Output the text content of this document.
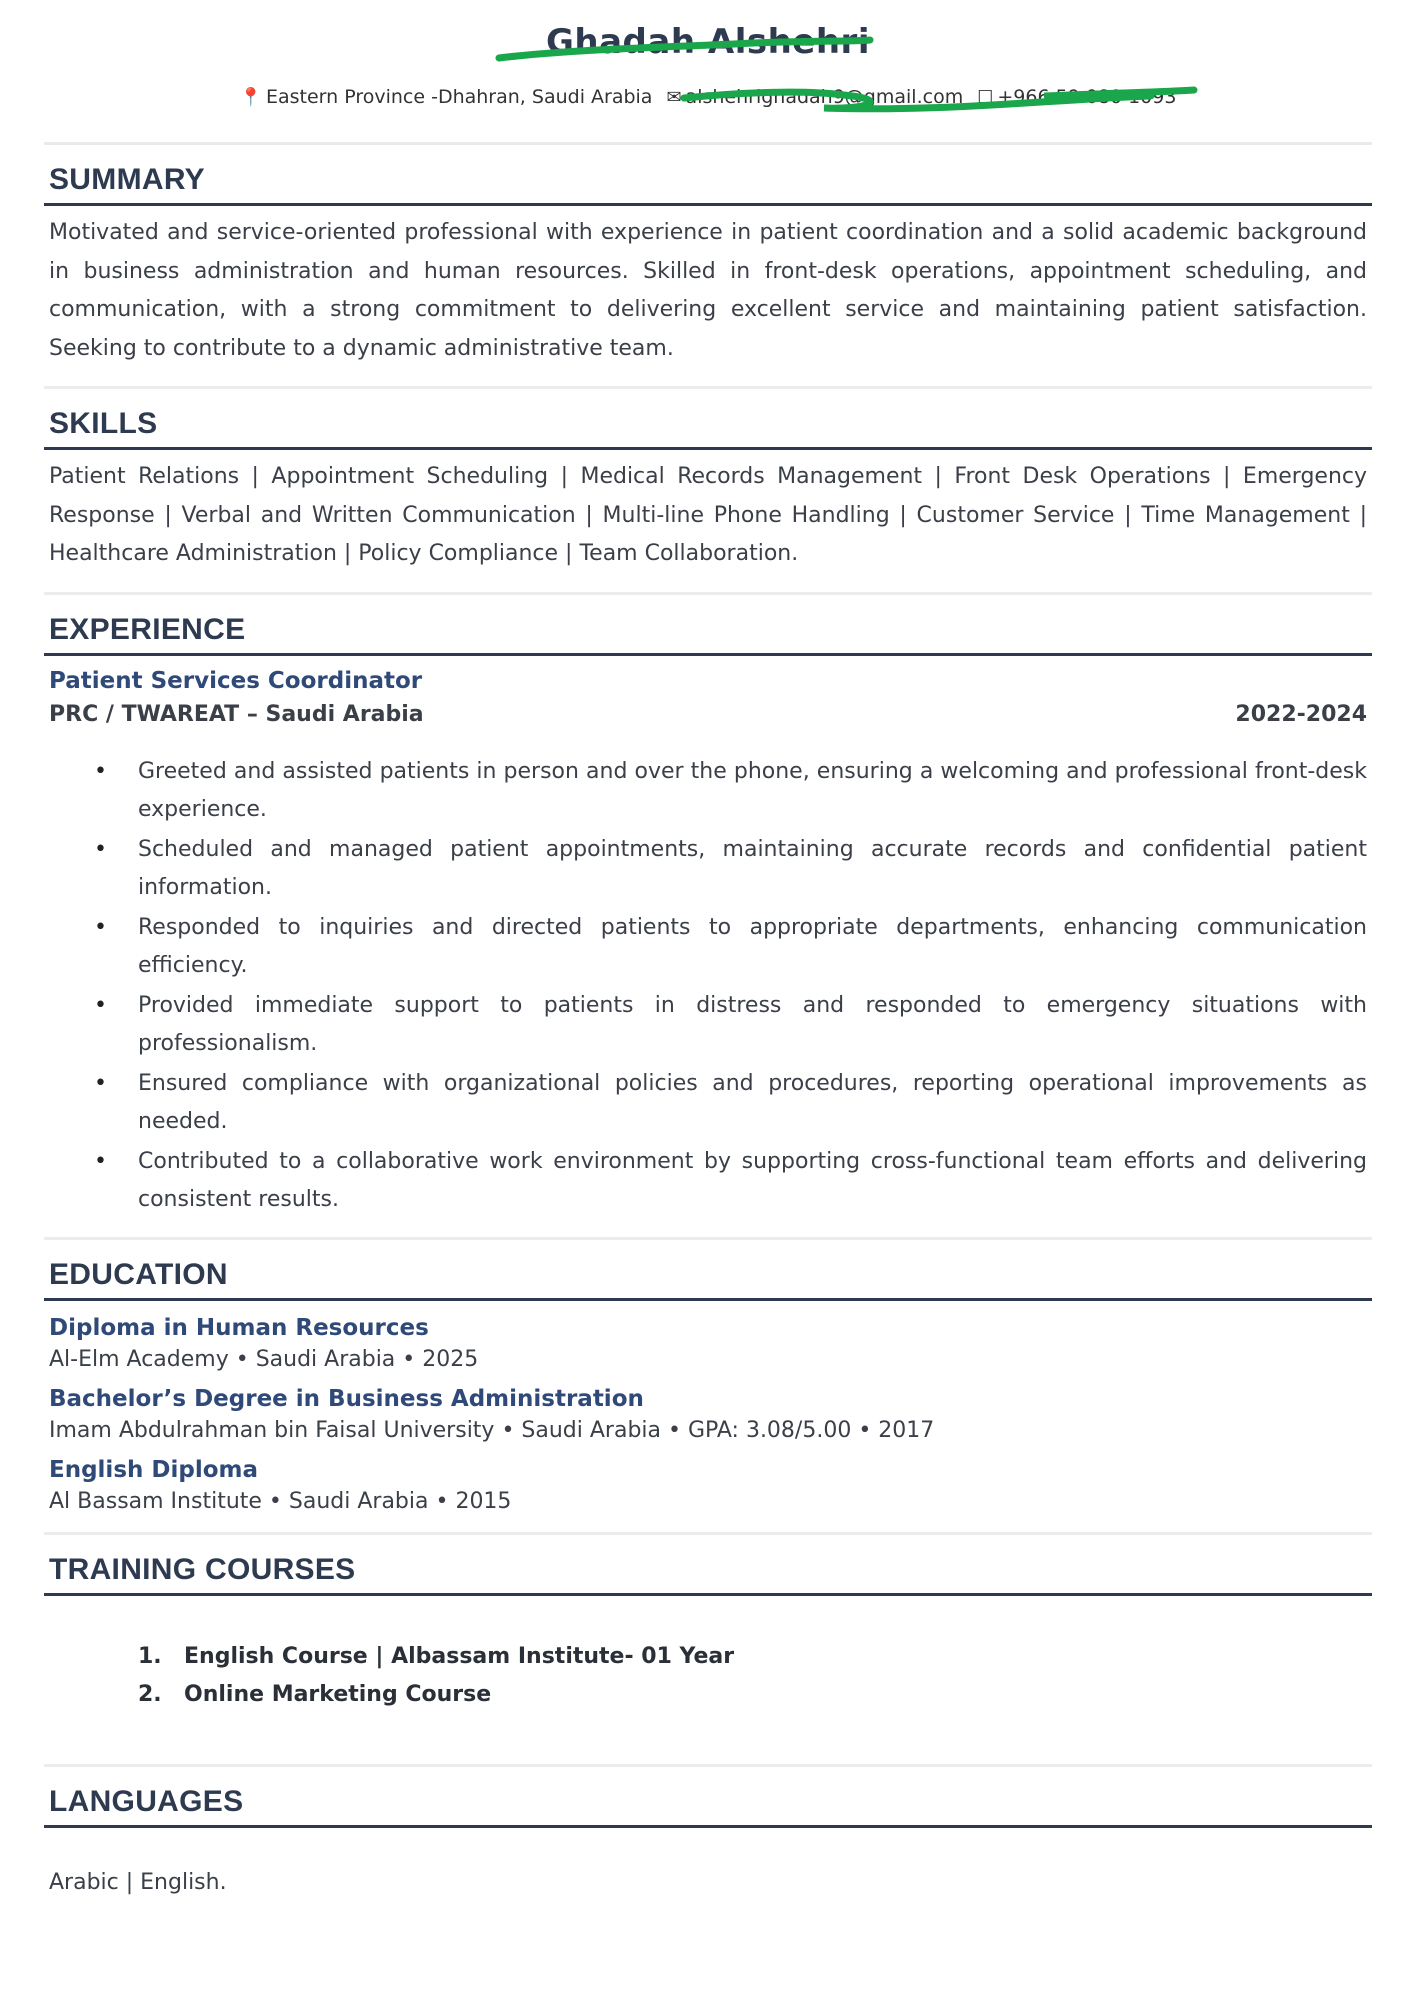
Ghadah Alshehri
📍 Eastern Province -Dhahran, Saudi Arabia ✉ alshehrighadah9@gmail.com ☐ +966 59 080 1093
SUMMARY

Motivated and service-oriented professional with experience in patient coordination and a solid academic background in business administration and human resources. Skilled in front-desk operations, appointment scheduling, and communication, with a strong commitment to delivering excellent service and maintaining patient satisfaction. Seeking to contribute to a dynamic administrative team.

SKILLS

Patient Relations | Appointment Scheduling | Medical Records Management | Front Desk Operations | Emergency Response | Verbal and Written Communication | Multi-line Phone Handling | Customer Service | Time Management | Healthcare Administration | Policy Compliance | Team Collaboration.

EXPERIENCE
Patient Services Coordinator
PRC / TWAREAT – Saudi Arabia	2022-2024
• Greeted and assisted patients in person and over the phone, ensuring a welcoming and professional front-desk experience.
• Scheduled and managed patient appointments, maintaining accurate records and confidential patient information.
• Responded to inquiries and directed patients to appropriate departments, enhancing communication efficiency.
• Provided immediate support to patients in distress and responded to emergency situations with professionalism.
• Ensured compliance with organizational policies and procedures, reporting operational improvements as needed.
• Contributed to a collaborative work environment by supporting cross-functional team efforts and delivering consistent results.
EDUCATION
Diploma in Human Resources
Al-Elm Academy • Saudi Arabia • 2025
Bachelor’s Degree in Business Administration
Imam Abdulrahman bin Faisal University • Saudi Arabia • GPA: 3.08/5.00 • 2017
English Diploma
Al Bassam Institute • Saudi Arabia • 2015
TRAINING COURSES
1. English Course | Albassam Institute- 01 Year
2. Online Marketing Course
LANGUAGES

Arabic | English.
